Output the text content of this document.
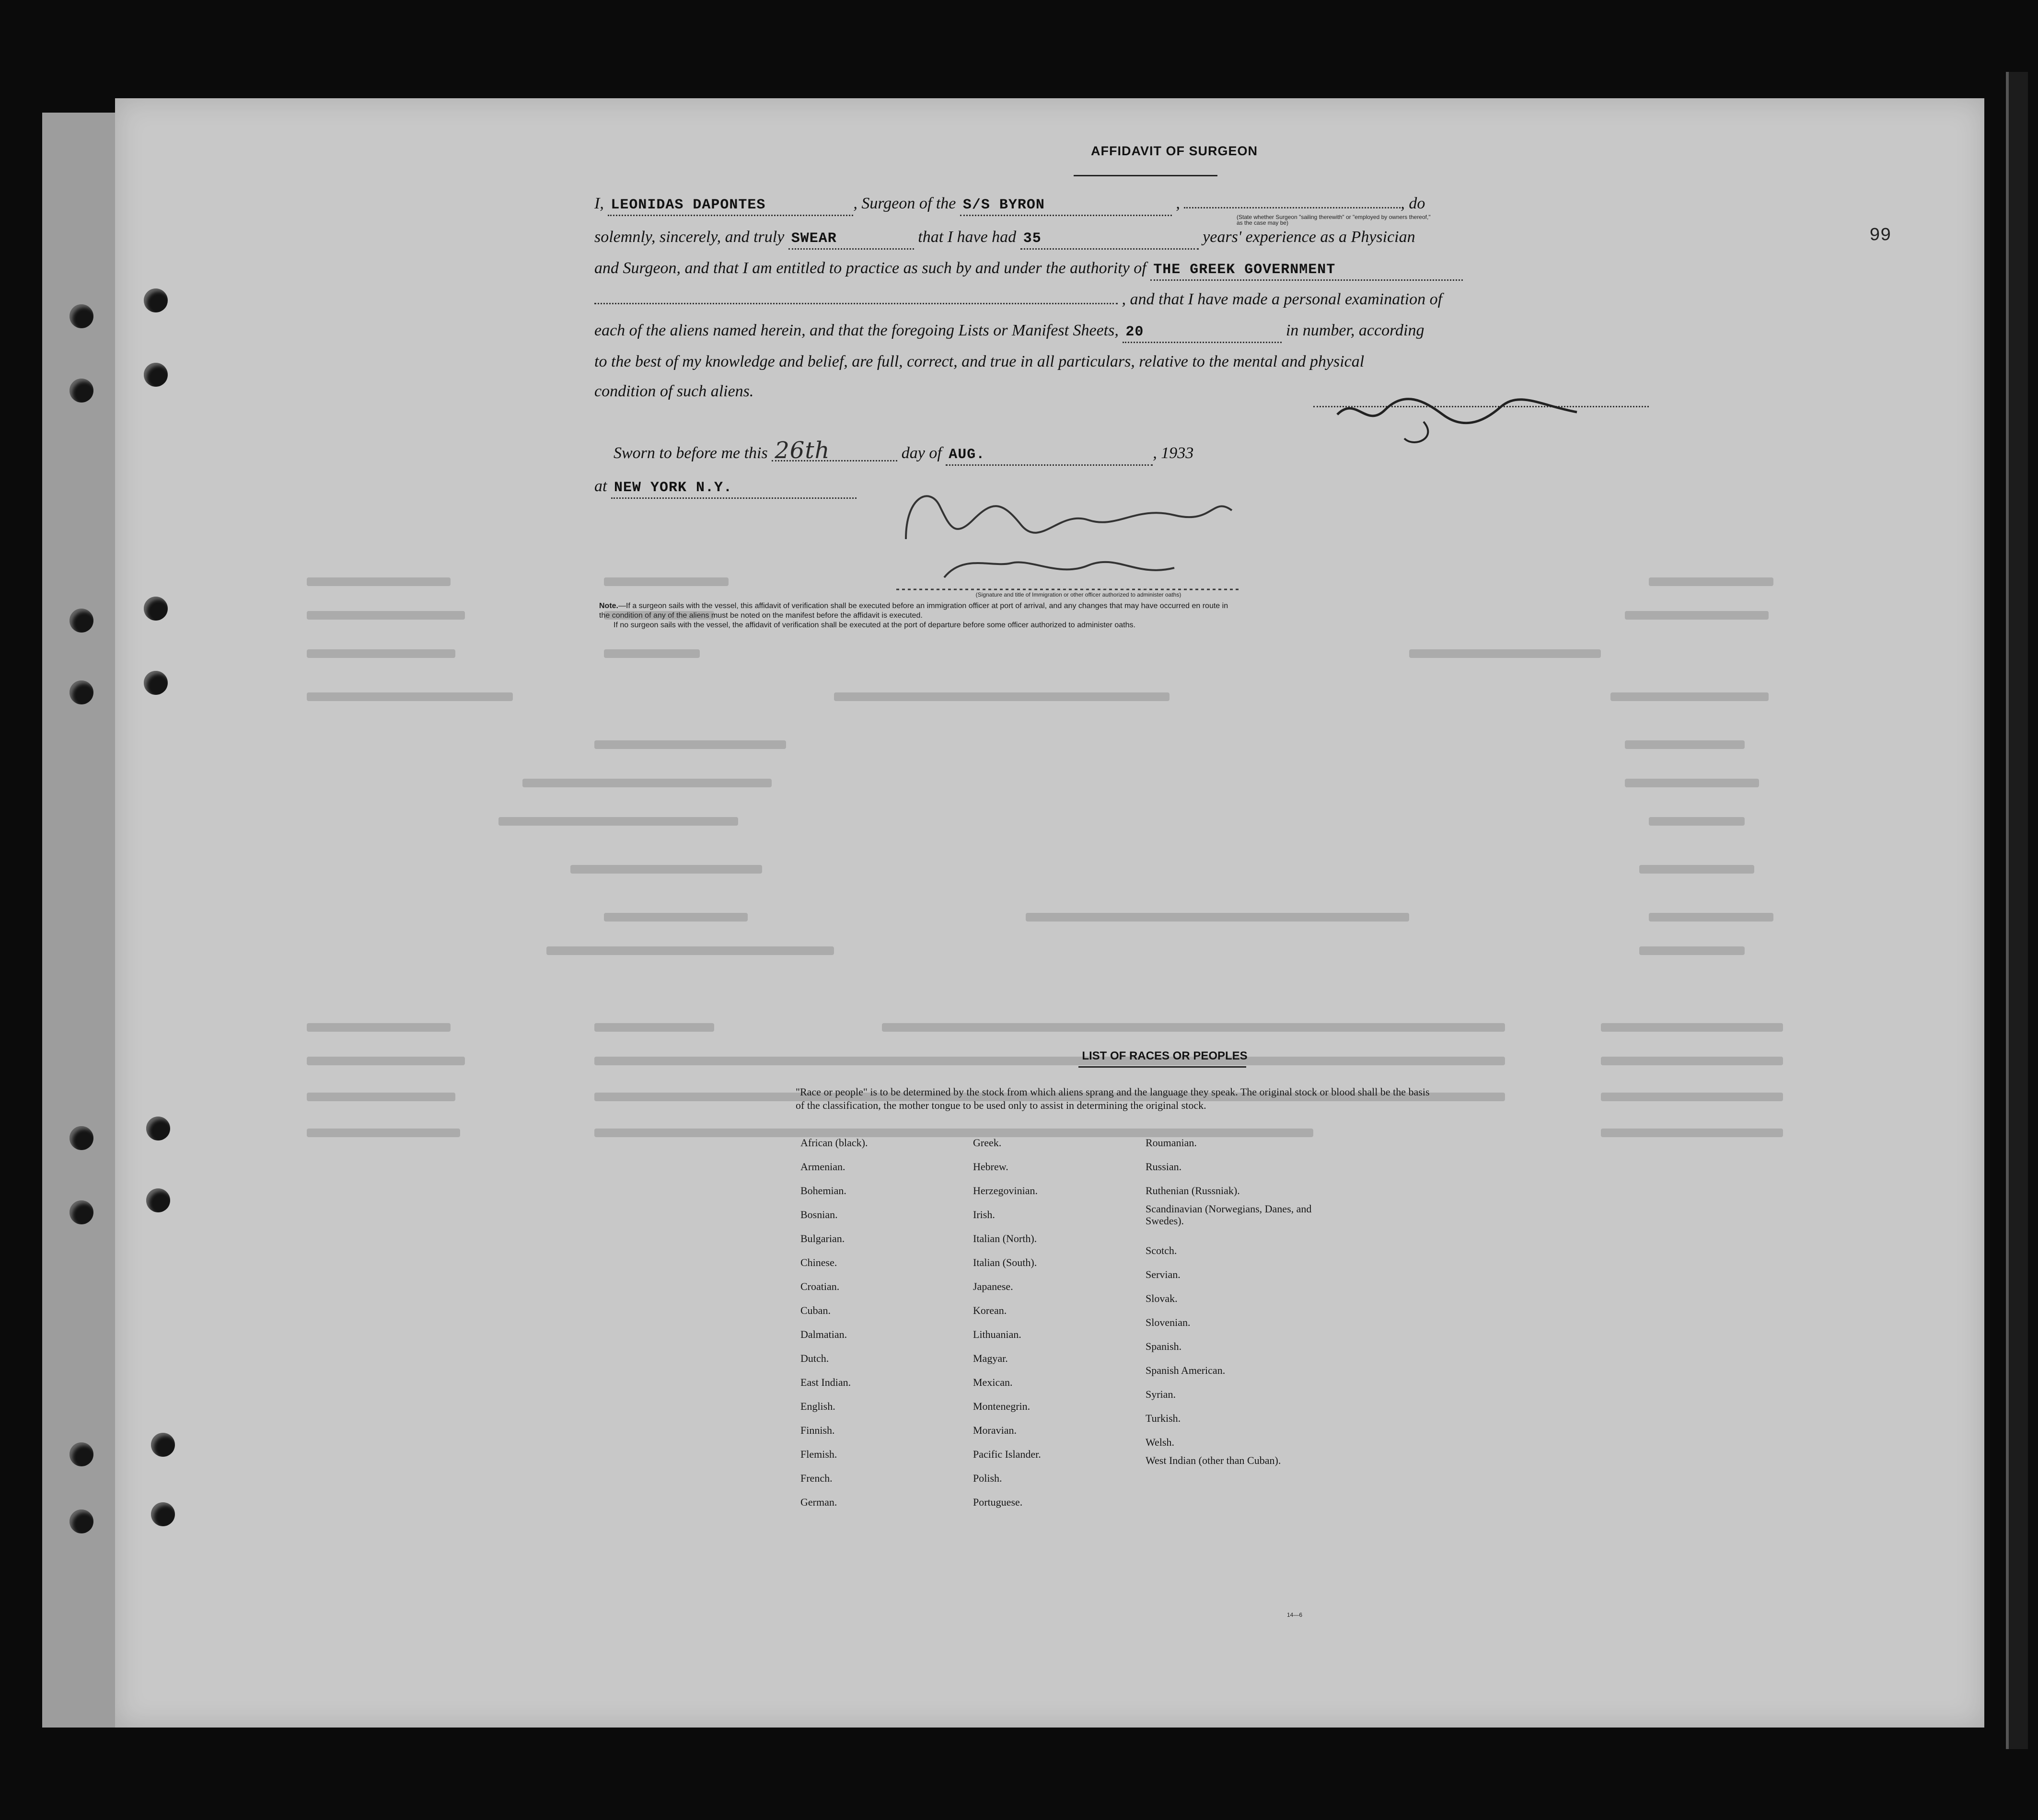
99
AFFIDAVIT OF SURGEON
I, LEONIDAS DAPONTES	, Surgeon of the S/S BYRON	,	, do
(State whether Surgeon "sailing therewith" or "employed by owners thereof," as the case may be)
solemnly, sincerely, and truly SWEAR	that I have had 35	years' experience as a Physician
and Surgeon, and that I am entitled to practice as such by and under the authority of THE GREEK GOVERNMENT
, and that I have made a personal examination of
each of the aliens named herein, and that the foregoing Lists or Manifest Sheets, 20	in number, according
to the best of my knowledge and belief, are full, correct, and true in all particulars, relative to the mental and physical
condition of such aliens.
Sworn to before me this 26th	day of AUG.	, 1933
at NEW YORK N.Y.
(Signature and title of Immigration or other officer authorized to administer oaths)
Note.—If a surgeon sails with the vessel, this affidavit of verification shall be executed before an immigration officer at port of arrival, and any changes that may have occurred en route in
the condition of any of the aliens must be noted on the manifest before the affidavit is executed.
If no surgeon sails with the vessel, the affidavit of verification shall be executed at the port of departure before some officer authorized to administer oaths.
LIST OF RACES OR PEOPLES
"Race or people" is to be determined by the stock from which aliens sprang and the language they speak. The original stock or blood shall be the basis of the classification, the mother tongue to be used only to assist in determining the original stock.
African (black).
Armenian.
Bohemian.
Bosnian.
Bulgarian.
Chinese.
Croatian.
Cuban.
Dalmatian.
Dutch.
East Indian.
English.
Finnish.
Flemish.
French.
German.
Greek.
Hebrew.
Herzegovinian.
Irish.
Italian (North).
Italian (South).
Japanese.
Korean.
Lithuanian.
Magyar.
Mexican.
Montenegrin.
Moravian.
Pacific Islander.
Polish.
Portuguese.
Roumanian.
Russian.
Ruthenian (Russniak).
Scandinavian (Norwegians, Danes, and Swedes).
Scotch.
Servian.
Slovak.
Slovenian.
Spanish.
Spanish American.
Syrian.
Turkish.
Welsh.
West Indian (other than Cuban).
14—6
